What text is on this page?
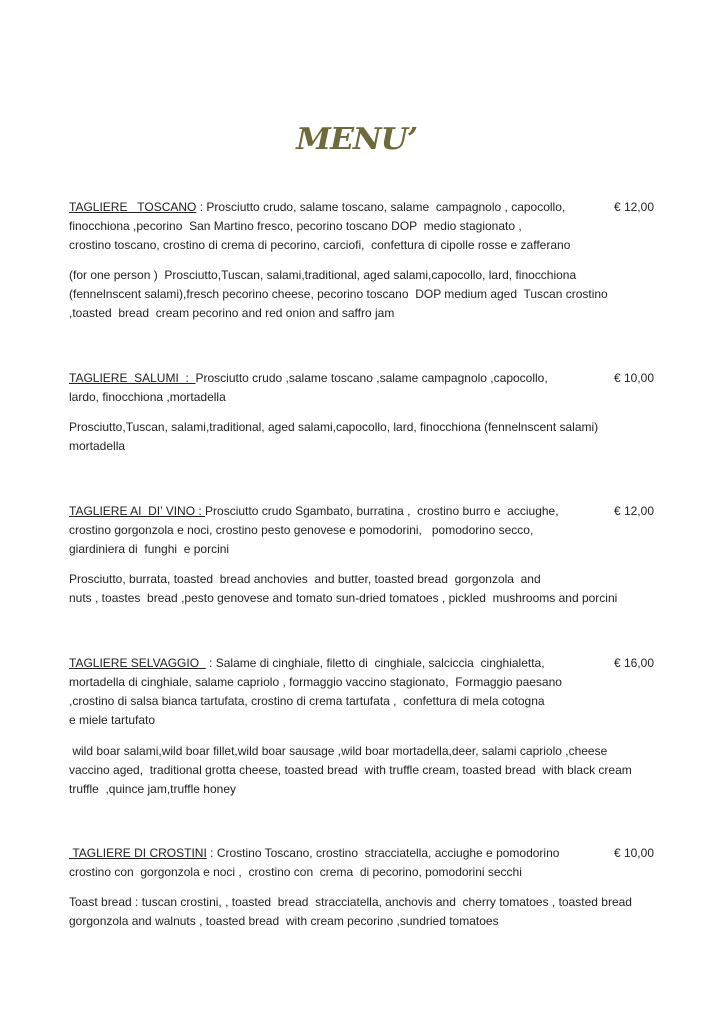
MENU’
TAGLIERE   TOSCANO : Prosciutto crudo, salame toscano, salame  campagnolo , capocollo,	€ 12,00
finocchiona ,pecorino  San Martino fresco, pecorino toscano DOP  medio stagionato ,
crostino toscano, crostino di crema di pecorino, carciofi,  confettura di cipolle rosse e zafferano
(for one person )  Prosciutto,Tuscan, salami,traditional, aged salami,capocollo, lard, finocchiona
(fennelnscent salami),fresch pecorino cheese, pecorino toscano  DOP medium aged  Tuscan crostino
,toasted  bread  cream pecorino and red onion and saffro jam
TAGLIERE  SALUMI  :  Prosciutto crudo ,salame toscano ,salame campagnolo ,capocollo,	€ 10,00
lardo, finocchiona ,mortadella
Prosciutto,Tuscan, salami,traditional, aged salami,capocollo, lard, finocchiona (fennelnscent salami)
mortadella
TAGLIERE AI  DI’ VINO : Prosciutto crudo Sgambato, burratina ,  crostino burro e  acciughe,	€ 12,00
crostino gorgonzola e noci, crostino pesto genovese e pomodorini,   pomodorino secco,
giardiniera di  funghi  e porcini
Prosciutto, burrata, toasted  bread anchovies  and butter, toasted bread  gorgonzola  and
nuts , toastes  bread ,pesto genovese and tomato sun-dried tomatoes , pickled  mushrooms and porcini
TAGLIERE SELVAGGIO   : Salame di cinghiale, filetto di  cinghiale, salciccia  cinghialetta,	€ 16,00
mortadella di cinghiale, salame capriolo , formaggio vaccino stagionato,  Formaggio paesano
,crostino di salsa bianca tartufata, crostino di crema tartufata ,  confettura di mela cotogna
e miele tartufato
wild boar salami,wild boar fillet,wild boar sausage ,wild boar mortadella,deer, salami capriolo ,cheese
vaccino aged,  traditional grotta cheese, toasted bread  with truffle cream, toasted bread  with black cream
truffle  ,quince jam,truffle honey
TAGLIERE DI CROSTINI : Crostino Toscano, crostino  stracciatella, acciughe e pomodorino	€ 10,00
crostino con  gorgonzola e noci ,  crostino con  crema  di pecorino, pomodorini secchi
Toast bread : tuscan crostini, , toasted  bread  stracciatella, anchovis and  cherry tomatoes , toasted bread
gorgonzola and walnuts , toasted bread  with cream pecorino ,sundried tomatoes
